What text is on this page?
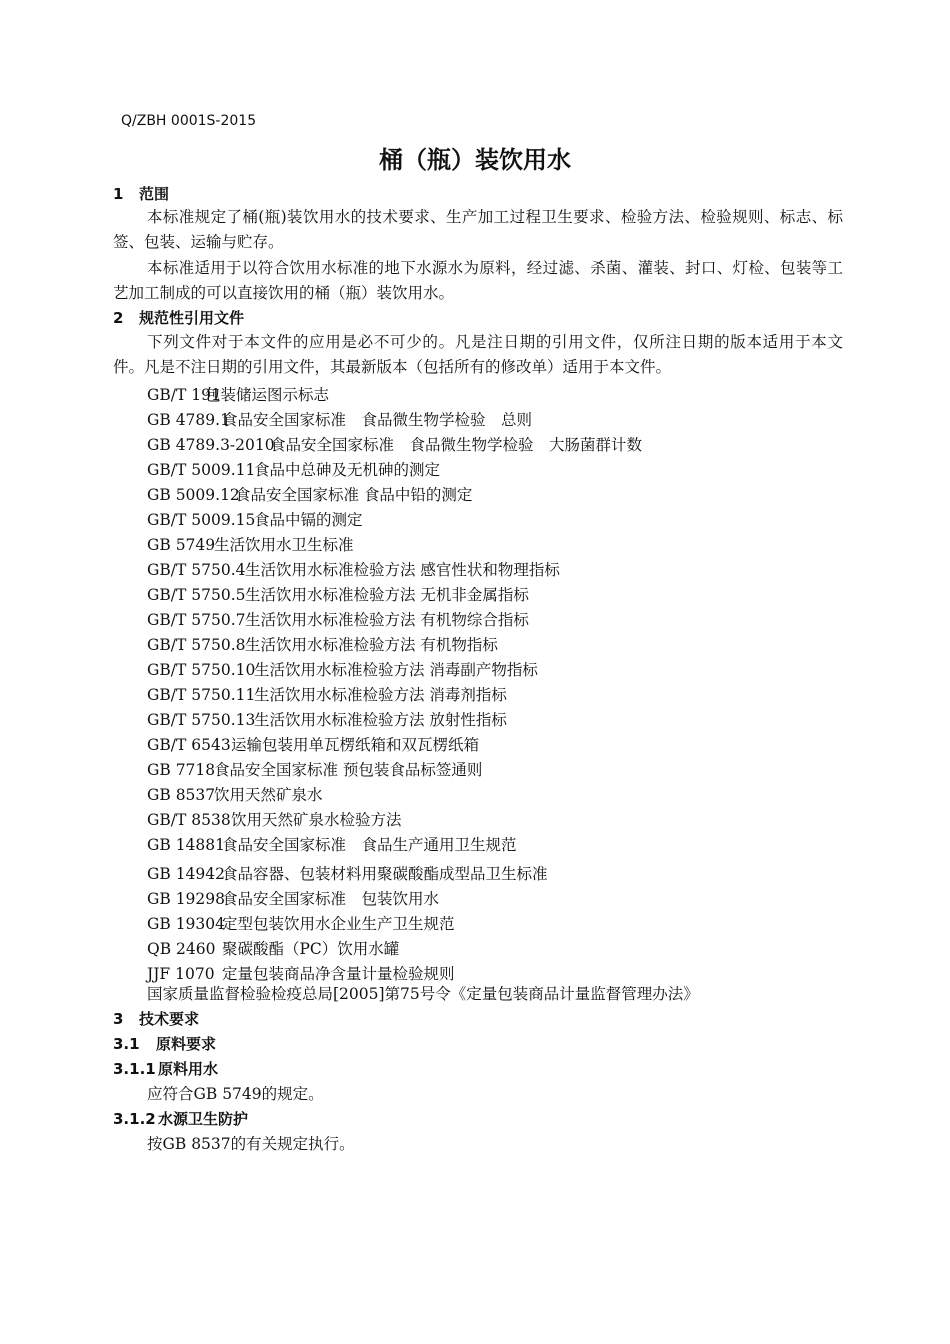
Q/ZBH 0001S-2015
桶（瓶）装饮用水
1 范围
本标准规定了桶(瓶)装饮用水的技术要求、生产加工过程卫生要求、检验方法、检验规则、标志、标签、包装、运输与贮存。
本标准适用于以符合饮用水标准的地下水源水为原料，经过滤、杀菌、灌装、封口、灯检、包装等工艺加工制成的可以直接饮用的桶（瓶）装饮用水。
2 规范性引用文件
下列文件对于本文件的应用是必不可少的。凡是注日期的引用文件，仅所注日期的版本适用于本文件。凡是不注日期的引用文件，其最新版本（包括所有的修改单）适用于本文件。
GB/T 191包装储运图示标志
GB 4789.1食品安全国家标准　食品微生物学检验　总则
GB 4789.3-2010食品安全国家标准　食品微生物学检验　大肠菌群计数
GB/T 5009.11食品中总砷及无机砷的测定
GB 5009.12食品安全国家标准 食品中铅的测定
GB/T 5009.15食品中镉的测定
GB 5749生活饮用水卫生标准
GB/T 5750.4生活饮用水标准检验方法 感官性状和物理指标
GB/T 5750.5生活饮用水标准检验方法 无机非金属指标
GB/T 5750.7生活饮用水标准检验方法 有机物综合指标
GB/T 5750.8生活饮用水标准检验方法 有机物指标
GB/T 5750.10生活饮用水标准检验方法 消毒副产物指标
GB/T 5750.11生活饮用水标准检验方法 消毒剂指标
GB/T 5750.13生活饮用水标准检验方法 放射性指标
GB/T 6543运输包装用单瓦楞纸箱和双瓦楞纸箱
GB 7718食品安全国家标准 预包装食品标签通则
GB 8537饮用天然矿泉水
GB/T 8538饮用天然矿泉水检验方法
GB 14881食品安全国家标准　食品生产通用卫生规范
GB 14942食品容器、包装材料用聚碳酸酯成型品卫生标准
GB 19298食品安全国家标准　包装饮用水
GB 19304定型包装饮用水企业生产卫生规范
QB 2460 聚碳酸酯（PC）饮用水罐
JJF 1070 定量包装商品净含量计量检验规则
国家质量监督检验检疫总局[2005]第75号令《定量包装商品计量监督管理办法》
3 技术要求
3.1 原料要求
3.1.1 原料用水
应符合GB 5749的规定。
3.1.2 水源卫生防护
按GB 8537的有关规定执行。
